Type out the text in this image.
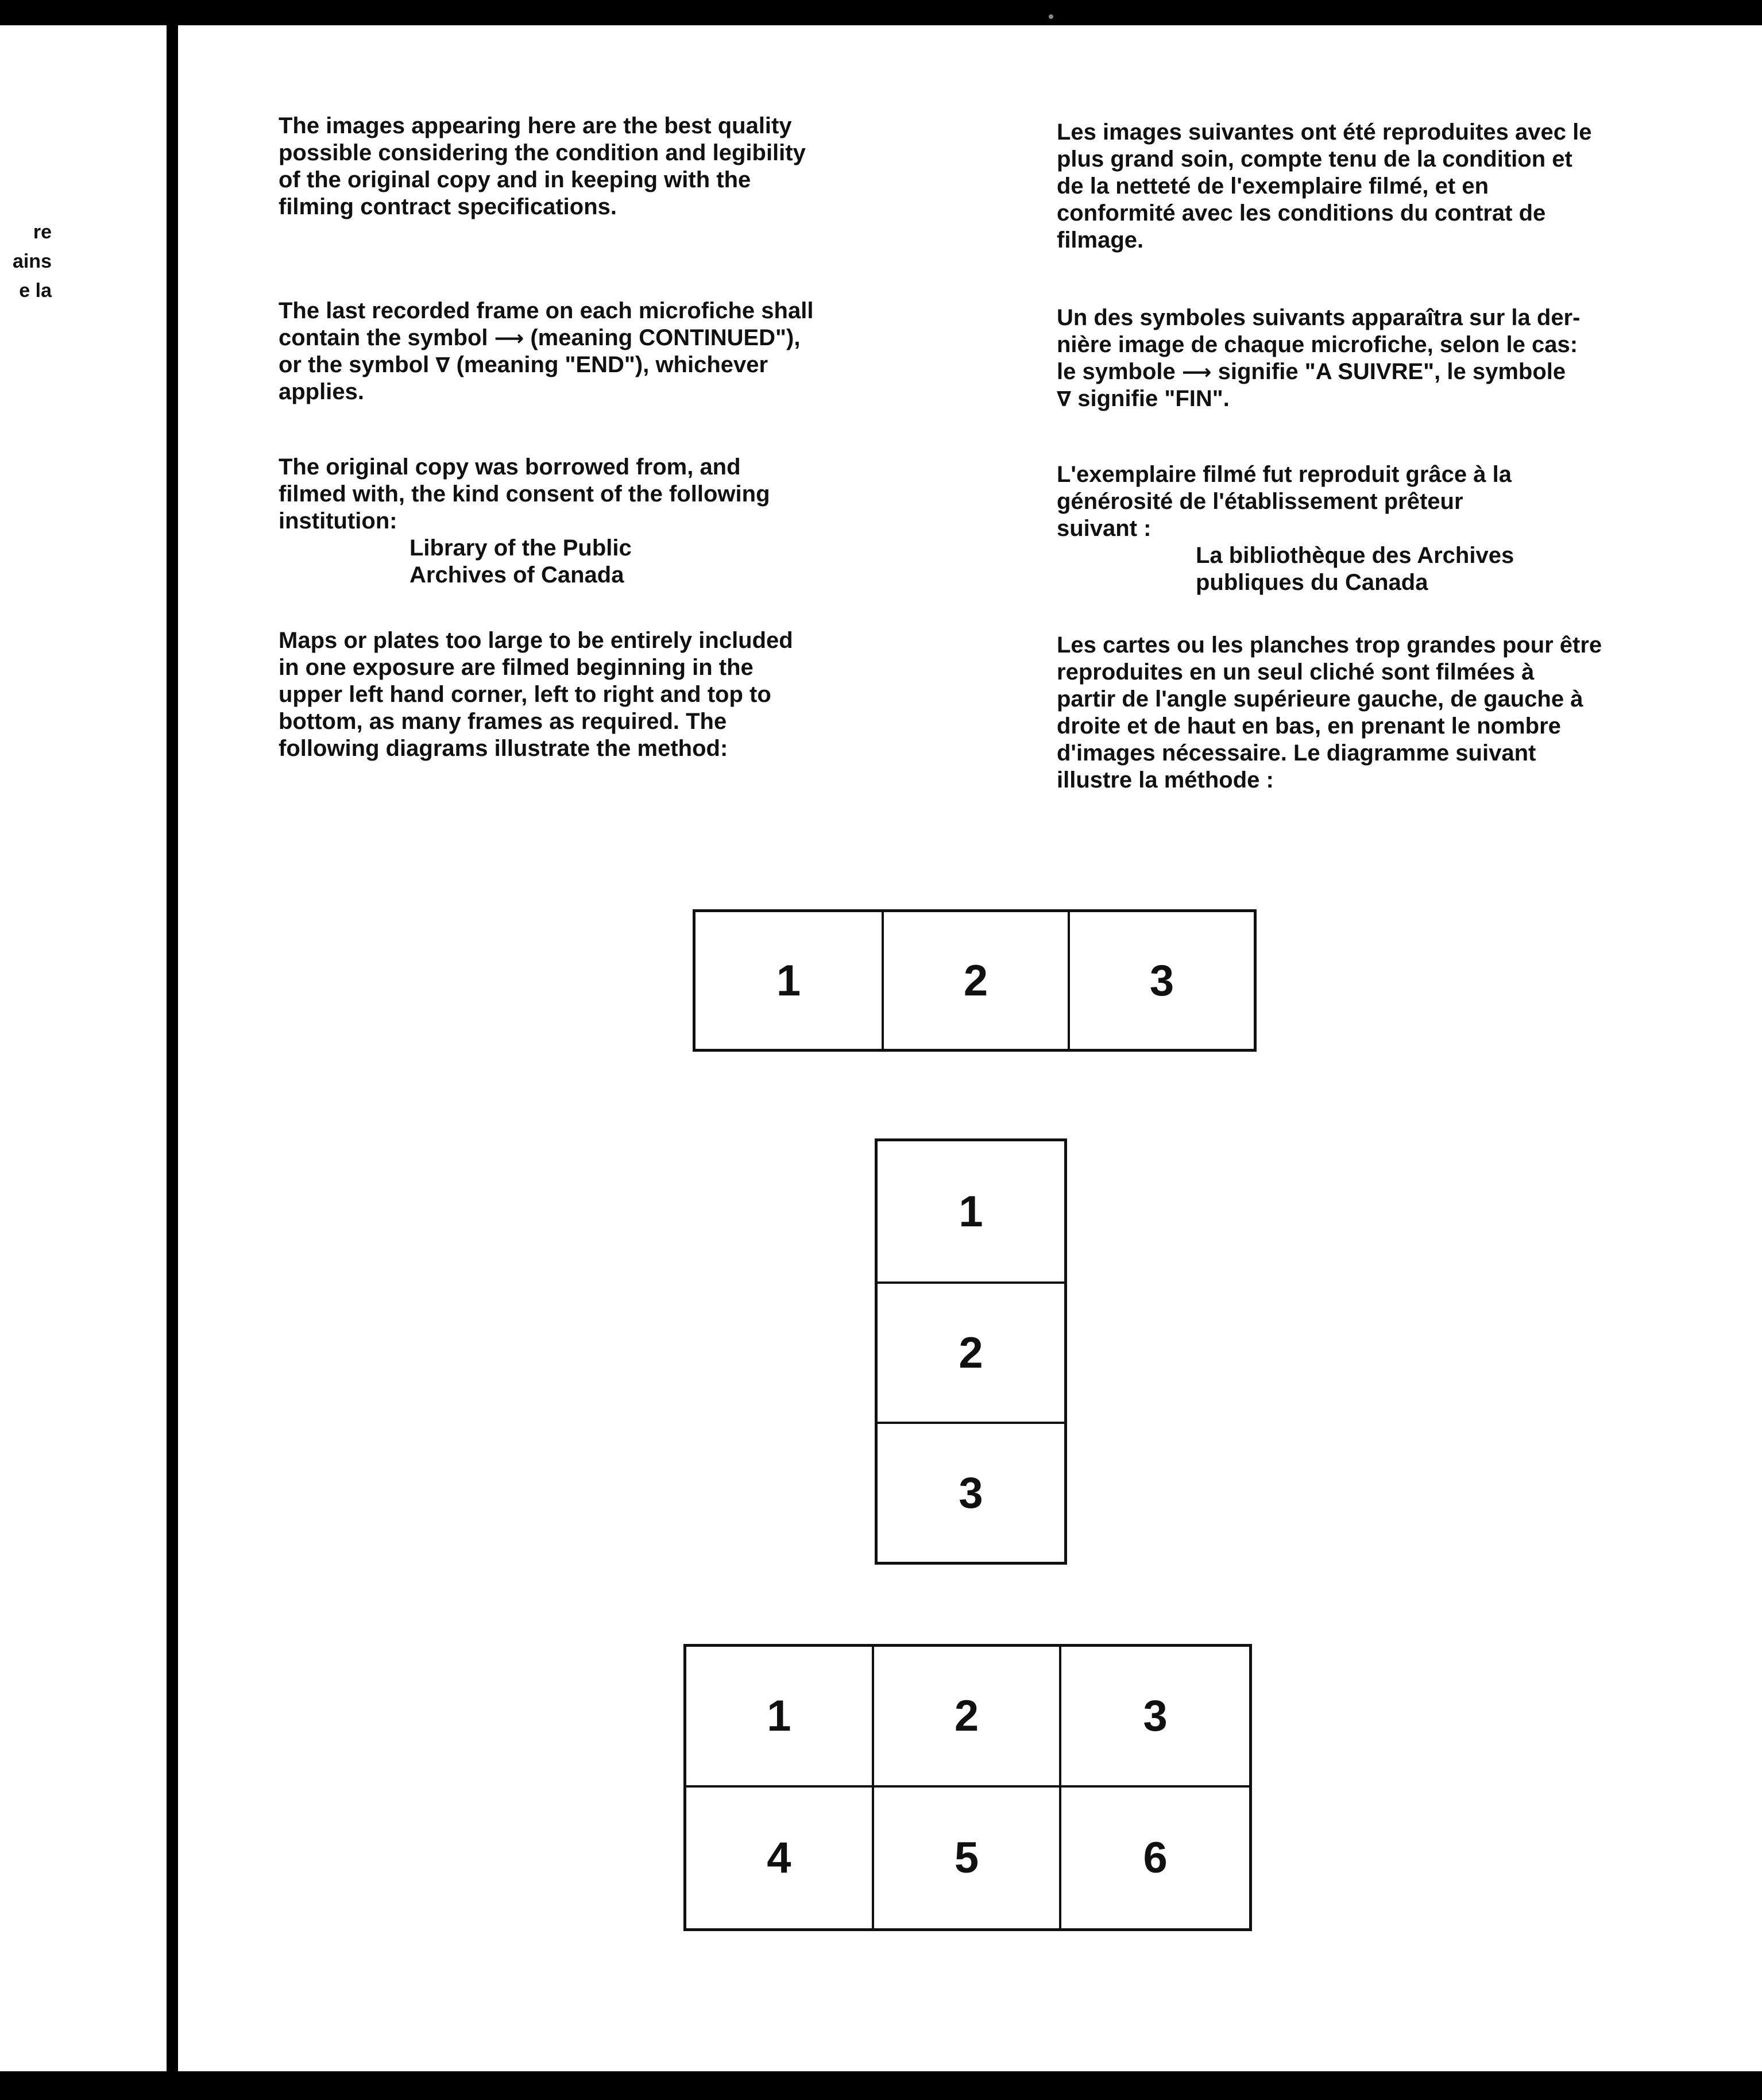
re
ains
e la

The images appearing here are the best quality

possible considering the condition and legibility

of the original copy and in keeping with the

filming contract specifications.

The last recorded frame on each microfiche shall

contain the symbol ⟶ (meaning CONTINUED"),

or the symbol ∇ (meaning "END"), whichever

applies.

The original copy was borrowed from, and

filmed with, the kind consent of the following

institution:

Library of the Public

Archives of Canada

Maps or plates too large to be entirely included

in one exposure are filmed beginning in the

upper left hand corner, left to right and top to

bottom, as many frames as required. The

following diagrams illustrate the method:

Les images suivantes ont été reproduites avec le

plus grand soin, compte tenu de la condition et

de la netteté de l'exemplaire filmé, et en

conformité avec les conditions du contrat de

filmage.

Un des symboles suivants apparaîtra sur la der-

nière image de chaque microfiche, selon le cas:

le symbole ⟶ signifie "A SUIVRE", le symbole

∇ signifie "FIN".

L'exemplaire filmé fut reproduit grâce à la

générosité de l'établissement prêteur

suivant :

La bibliothèque des Archives

publiques du Canada

Les cartes ou les planches trop grandes pour être

reproduites en un seul cliché sont filmées à

partir de l'angle supérieure gauche, de gauche à

droite et de haut en bas, en prenant le nombre

d'images nécessaire. Le diagramme suivant

illustre la méthode :

1	2	3
1
2
3
1	2	3
4	5	6
